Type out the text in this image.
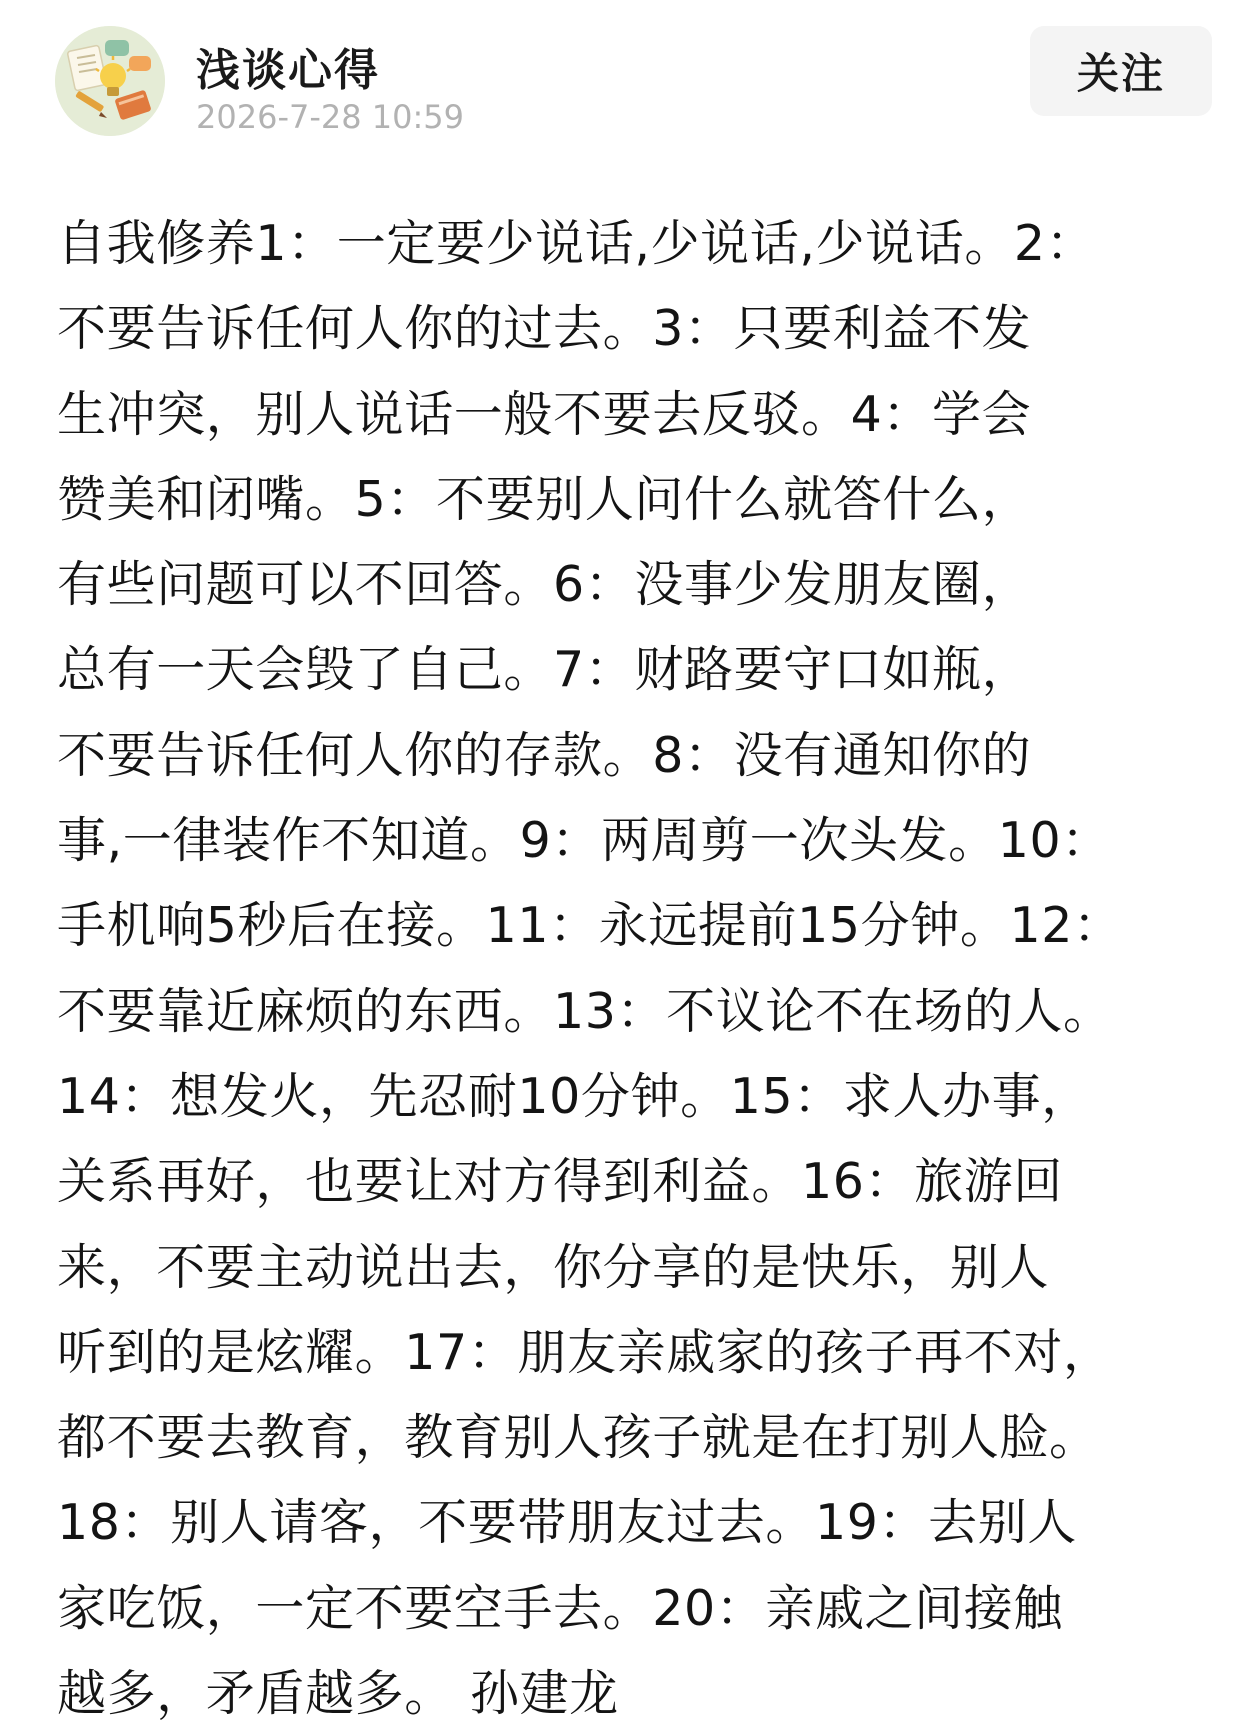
浅谈心得
2026-7-28 10:59
关注

自我修养1：一定要少说话,少说话,少说话。2：
不要告诉任何人你的过去。3：只要利益不发
生冲突，别人说话一般不要去反驳。4：学会
赞美和闭嘴。5：不要别人问什么就答什么，
有些问题可以不回答。6：没事少发朋友圈，
总有一天会毁了自己。7：财路要守口如瓶，
不要告诉任何人你的存款。8：没有通知你的
事,一律装作不知道。9：两周剪一次头发。10：
手机响5秒后在接。11：永远提前15分钟。12：
不要靠近麻烦的东西。13：不议论不在场的人。
14：想发火，先忍耐10分钟。15：求人办事，
关系再好，也要让对方得到利益。16：旅游回
来，不要主动说出去，你分享的是快乐，别人
听到的是炫耀。17：朋友亲戚家的孩子再不对，
都不要去教育，教育别人孩子就是在打别人脸。
18：别人请客，不要带朋友过去。19：去别人
家吃饭，一定不要空手去。20：亲戚之间接触
越多，矛盾越多。 孙建龙
